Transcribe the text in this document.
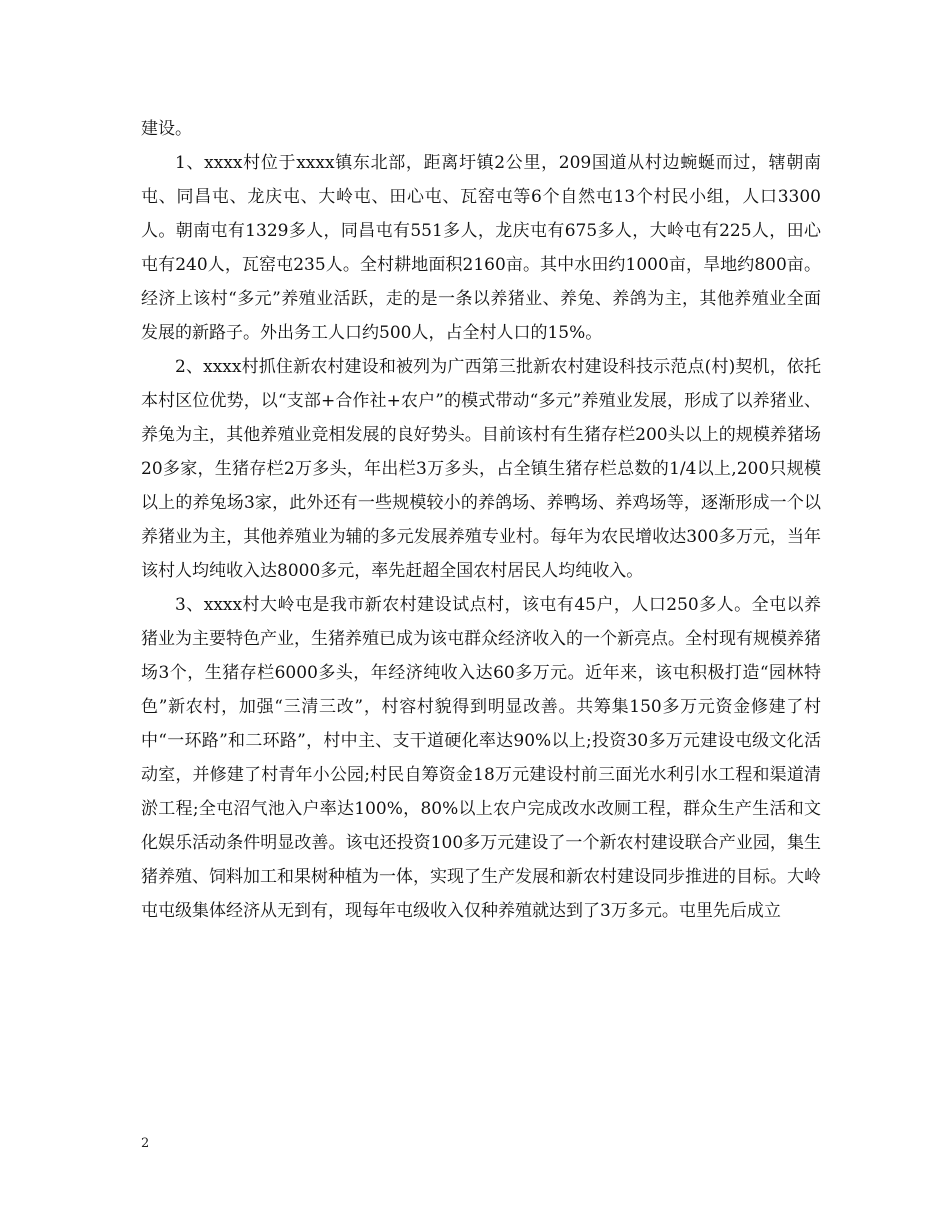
建设。

1、xxxx村位于xxxx镇东北部，距离圩镇2公里，209国道从村边蜿蜒而过，辖朝南屯、同昌屯、龙庆屯、大岭屯、田心屯、瓦窑屯等6个自然屯13个村民小组，人口3300人。朝南屯有1329多人，同昌屯有551多人，龙庆屯有675多人，大岭屯有225人，田心屯有240人，瓦窑屯235人。全村耕地面积2160亩。其中水田约1000亩，旱地约800亩。经济上该村“多元”养殖业活跃，走的是一条以养猪业、养兔、养鸽为主，其他养殖业全面发展的新路子。外出务工人口约500人，占全村人口的15%。

2、xxxx村抓住新农村建设和被列为广西第三批新农村建设科技示范点(村)契机，依托本村区位优势，以“支部+合作社+农户”的模式带动“多元”养殖业发展，形成了以养猪业、养兔为主，其他养殖业竞相发展的良好势头。目前该村有生猪存栏200头以上的规模养猪场20多家，生猪存栏2万多头，年出栏3万多头，占全镇生猪存栏总数的1/4以上,200只规模以上的养兔场3家，此外还有一些规模较小的养鸽场、养鸭场、养鸡场等，逐渐形成一个以养猪业为主，其他养殖业为辅的多元发展养殖专业村。每年为农民增收达300多万元，当年该村人均纯收入达8000多元，率先赶超全国农村居民人均纯收入。

3、xxxx村大岭屯是我市新农村建设试点村，该屯有45户，人口250多人。全屯以养猪业为主要特色产业，生猪养殖已成为该屯群众经济收入的一个新亮点。全村现有规模养猪场3个，生猪存栏6000多头，年经济纯收入达60多万元。近年来，该屯积极打造“园林特色”新农村，加强“三清三改”，村容村貌得到明显改善。共筹集150多万元资金修建了村中“一环路”和二环路”，村中主、支干道硬化率达90%以上;投资30多万元建设屯级文化活动室，并修建了村青年小公园;村民自筹资金18万元建设村前三面光水利引水工程和渠道清淤工程;全屯沼气池入户率达100%，80%以上农户完成改水改厕工程，群众生产生活和文化娱乐活动条件明显改善。该屯还投资100多万元建设了一个新农村建设联合产业园，集生猪养殖、饲料加工和果树种植为一体，实现了生产发展和新农村建设同步推进的目标。大岭屯屯级集体经济从无到有，现每年屯级收入仅种养殖就达到了3万多元。屯里先后成立

2
